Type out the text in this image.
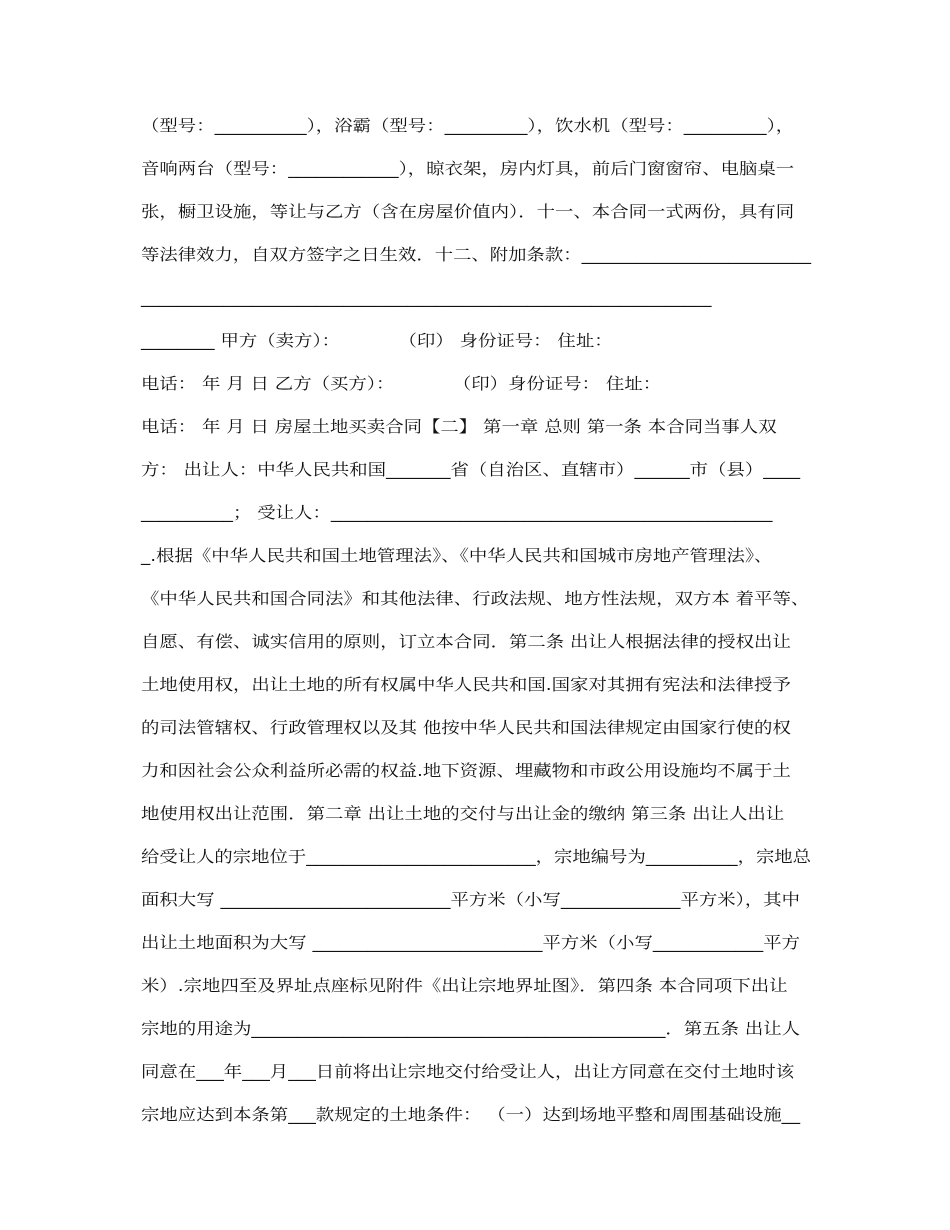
（型号：__________），浴霸（型号：_________），饮水机（型号：_________），
音响两台（型号：____________），晾衣架，房内灯具，前后门窗窗帘、电脑桌一
张，橱卫设施，等让与乙方（含在房屋价值内）．十一、本合同一式两份，具有同
等法律效力，自双方签字之日生效．十二、附加条款：_________________________
______________________________________________________________
________ 甲方（卖方）：          （印） 身份证号： 住址：
电话： 年 月 日 乙方（买方）：          （印）身份证号： 住址：
电话： 年 月 日 房屋土地买卖合同【二】 第一章 总则 第一条 本合同当事人双
方： 出让人：中华人民共和国_______省（自治区、直辖市）______市（县）____
__________； 受让人：________________________________________________
_.根据《中华人民共和国土地管理法》、《中华人民共和国城市房地产管理法》、
《中华人民共和国合同法》和其他法律、行政法规、地方性法规，双方本 着平等、
自愿、有偿、诚实信用的原则，订立本合同．第二条 出让人根据法律的授权出让
土地使用权，出让土地的所有权属中华人民共和国.国家对其拥有宪法和法律授予
的司法管辖权、行政管理权以及其 他按中华人民共和国法律规定由国家行使的权
力和因社会公众利益所必需的权益.地下资源、埋藏物和市政公用设施均不属于土
地使用权出让范围．第二章 出让土地的交付与出让金的缴纳 第三条 出让人出让
给受让人的宗地位于_________________________，宗地编号为__________，宗地总
面积大写 _________________________平方米（小写_____________平方米），其中
出让土地面积为大写 _________________________平方米（小写____________平方
米）.宗地四至及界址点座标见附件《出让宗地界址图》．第四条 本合同项下出让
宗地的用途为_____________________________________________．第五条 出让人
同意在___年___月___日前将出让宗地交付给受让人，出让方同意在交付土地时该
宗地应达到本条第___款规定的土地条件： （一）达到场地平整和周围基础设施__
